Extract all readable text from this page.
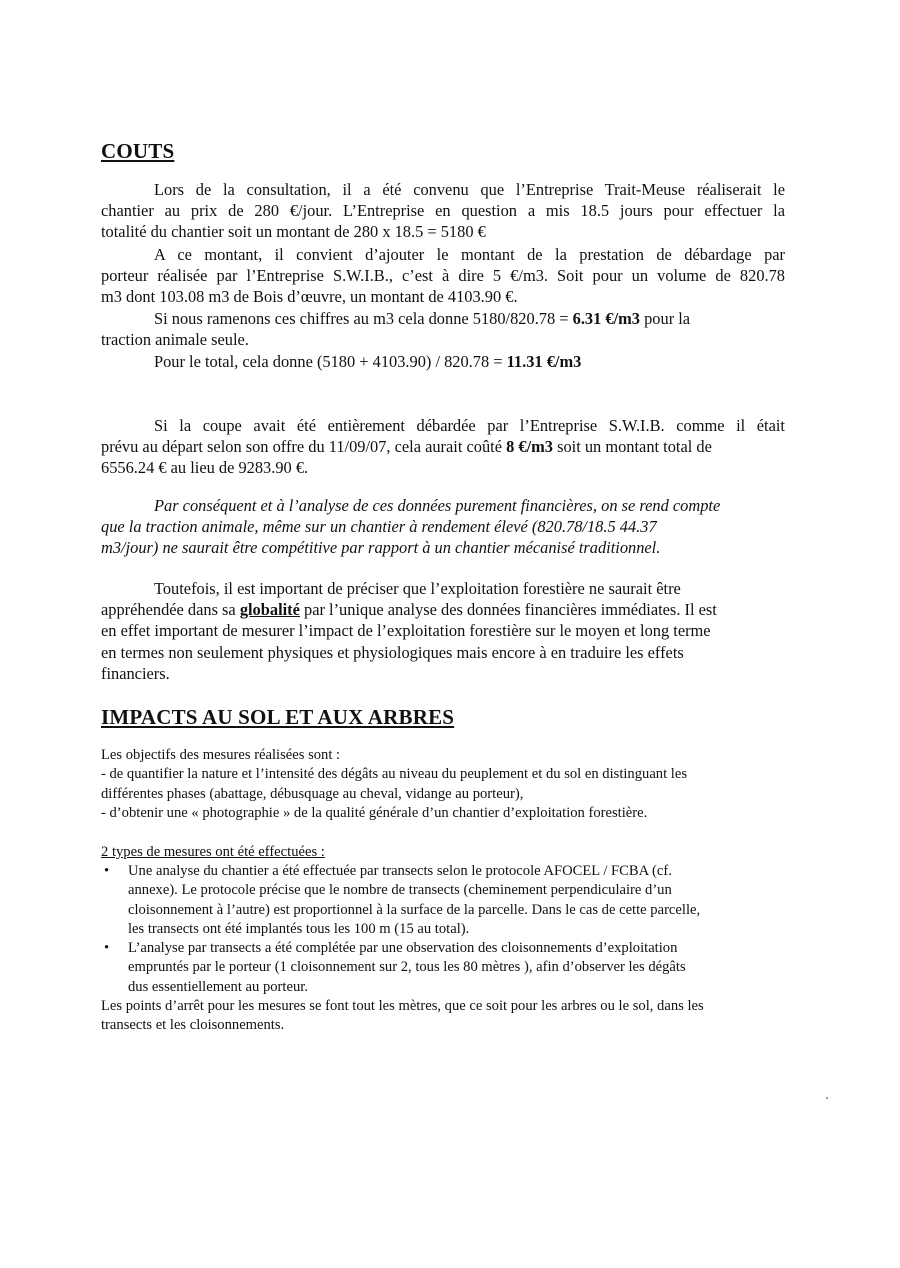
COUTS
Lors de la consultation, il a été convenu que l’Entreprise Trait-Meuse réaliserait le
chantier au prix de 280 €/jour. L’Entreprise en question a mis 18.5 jours pour effectuer la
totalité du chantier soit un montant de 280 x 18.5 = 5180 €
A ce montant, il convient d’ajouter le montant de la prestation de débardage par
porteur réalisée par l’Entreprise S.W.I.B., c’est à dire 5 €/m3. Soit pour un volume de 820.78
m3 dont 103.08 m3 de Bois d’œuvre, un montant de 4103.90 €.
Si nous ramenons ces chiffres au m3 cela donne 5180/820.78 = 6.31 €/m3 pour la
traction animale seule.
Pour le total, cela donne (5180 + 4103.90) / 820.78 = 11.31 €/m3
Si la coupe avait été entièrement débardée par l’Entreprise S.W.I.B. comme il était
prévu au départ selon son offre du 11/09/07, cela aurait coûté 8 €/m3 soit un montant total de
6556.24 € au lieu de 9283.90 €.
Par conséquent et à l’analyse de ces données purement financières, on se rend compte
que la traction animale, même sur un chantier à rendement élevé (820.78/18.5 44.37
m3/jour) ne saurait être compétitive par rapport à un chantier mécanisé traditionnel.
Toutefois, il est important de préciser que l’exploitation forestière ne saurait être
appréhendée dans sa globalité par l’unique analyse des données financières immédiates. Il est
en effet important de mesurer l’impact de l’exploitation forestière sur le moyen et long terme
en termes non seulement physiques et physiologiques mais encore à en traduire les effets
financiers.
IMPACTS AU SOL ET AUX ARBRES
Les objectifs des mesures réalisées sont :
- de quantifier la nature et l’intensité des dégâts au niveau du peuplement et du sol en distinguant les
différentes phases (abattage, débusquage au cheval, vidange au porteur),
- d’obtenir une « photographie » de la qualité générale d’un chantier d’exploitation forestière.
2 types de mesures ont été effectuées :
• Une analyse du chantier a été effectuée par transects selon le protocole AFOCEL / FCBA (cf.
annexe). Le protocole précise que le nombre de transects (cheminement perpendiculaire d’un
cloisonnement à l’autre) est proportionnel à la surface de la parcelle. Dans le cas de cette parcelle,
les transects ont été implantés tous les 100 m (15 au total).
• L’analyse par transects a été complétée par une observation des cloisonnements d’exploitation
empruntés par le porteur (1 cloisonnement sur 2, tous les 80 mètres ), afin d’observer les dégâts
dus essentiellement au porteur.
Les points d’arrêt pour les mesures se font tout les mètres, que ce soit pour les arbres ou le sol, dans les
transects et les cloisonnements.
